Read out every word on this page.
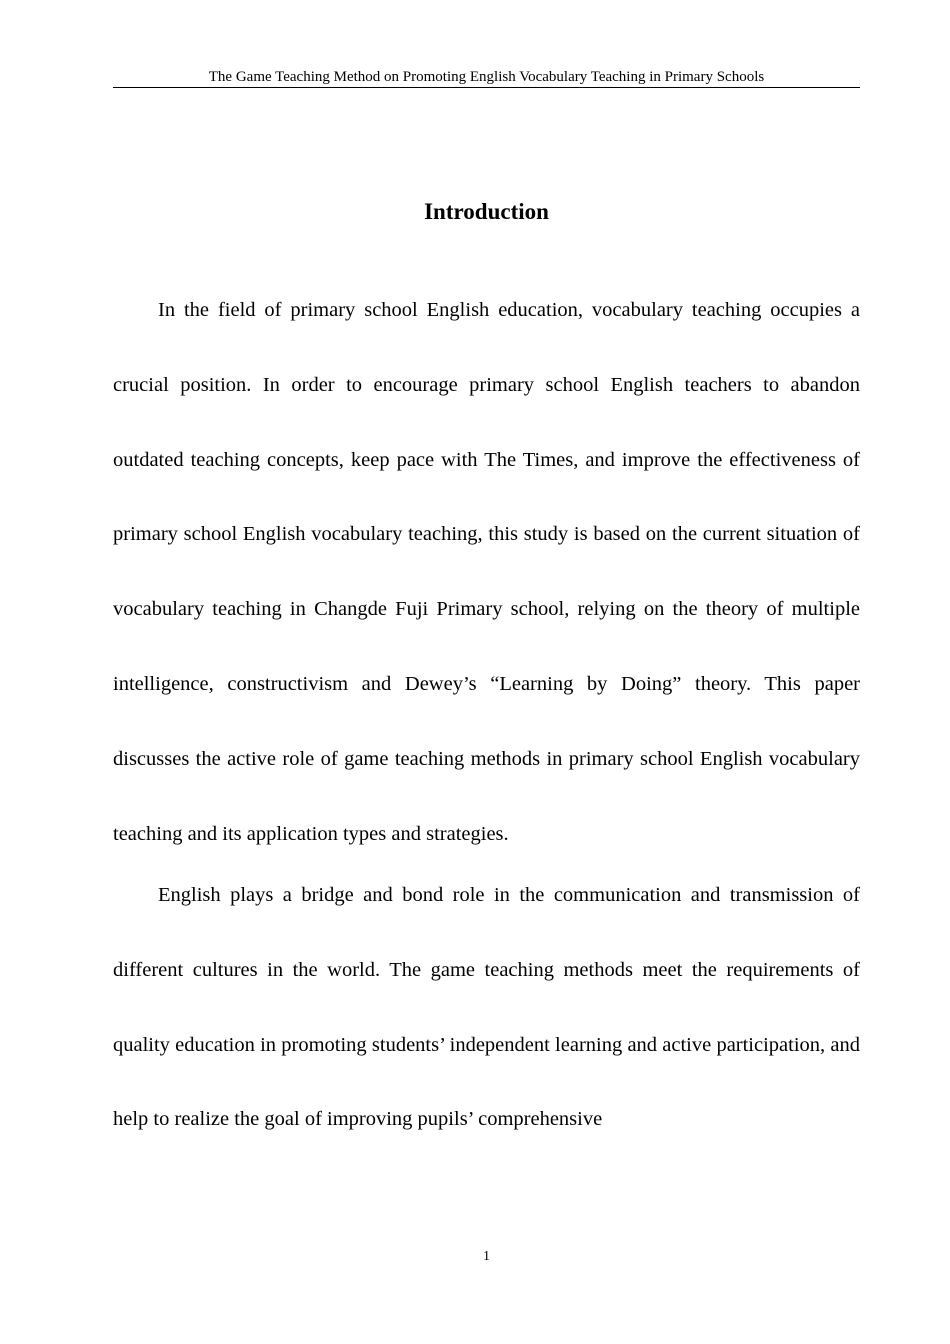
The Game Teaching Method on Promoting English Vocabulary Teaching in Primary Schools
Introduction

In the field of primary school English education, vocabulary teaching occupies a crucial position. In order to encourage primary school English teachers to abandon outdated teaching concepts, keep pace with The Times, and improve the effectiveness of primary school English vocabulary teaching, this study is based on the current situation of vocabulary teaching in Changde Fuji Primary school, relying on the theory of multiple intelligence, constructivism and Dewey’s “Learning by Doing” theory. This paper discusses the active role of game teaching methods in primary school English vocabulary teaching and its application types and strategies.

English plays a bridge and bond role in the communication and transmission of different cultures in the world. The game teaching methods meet the requirements of quality education in promoting students’ independent learning and active participation, and help to realize the goal of improving pupils’ comprehensive

1
